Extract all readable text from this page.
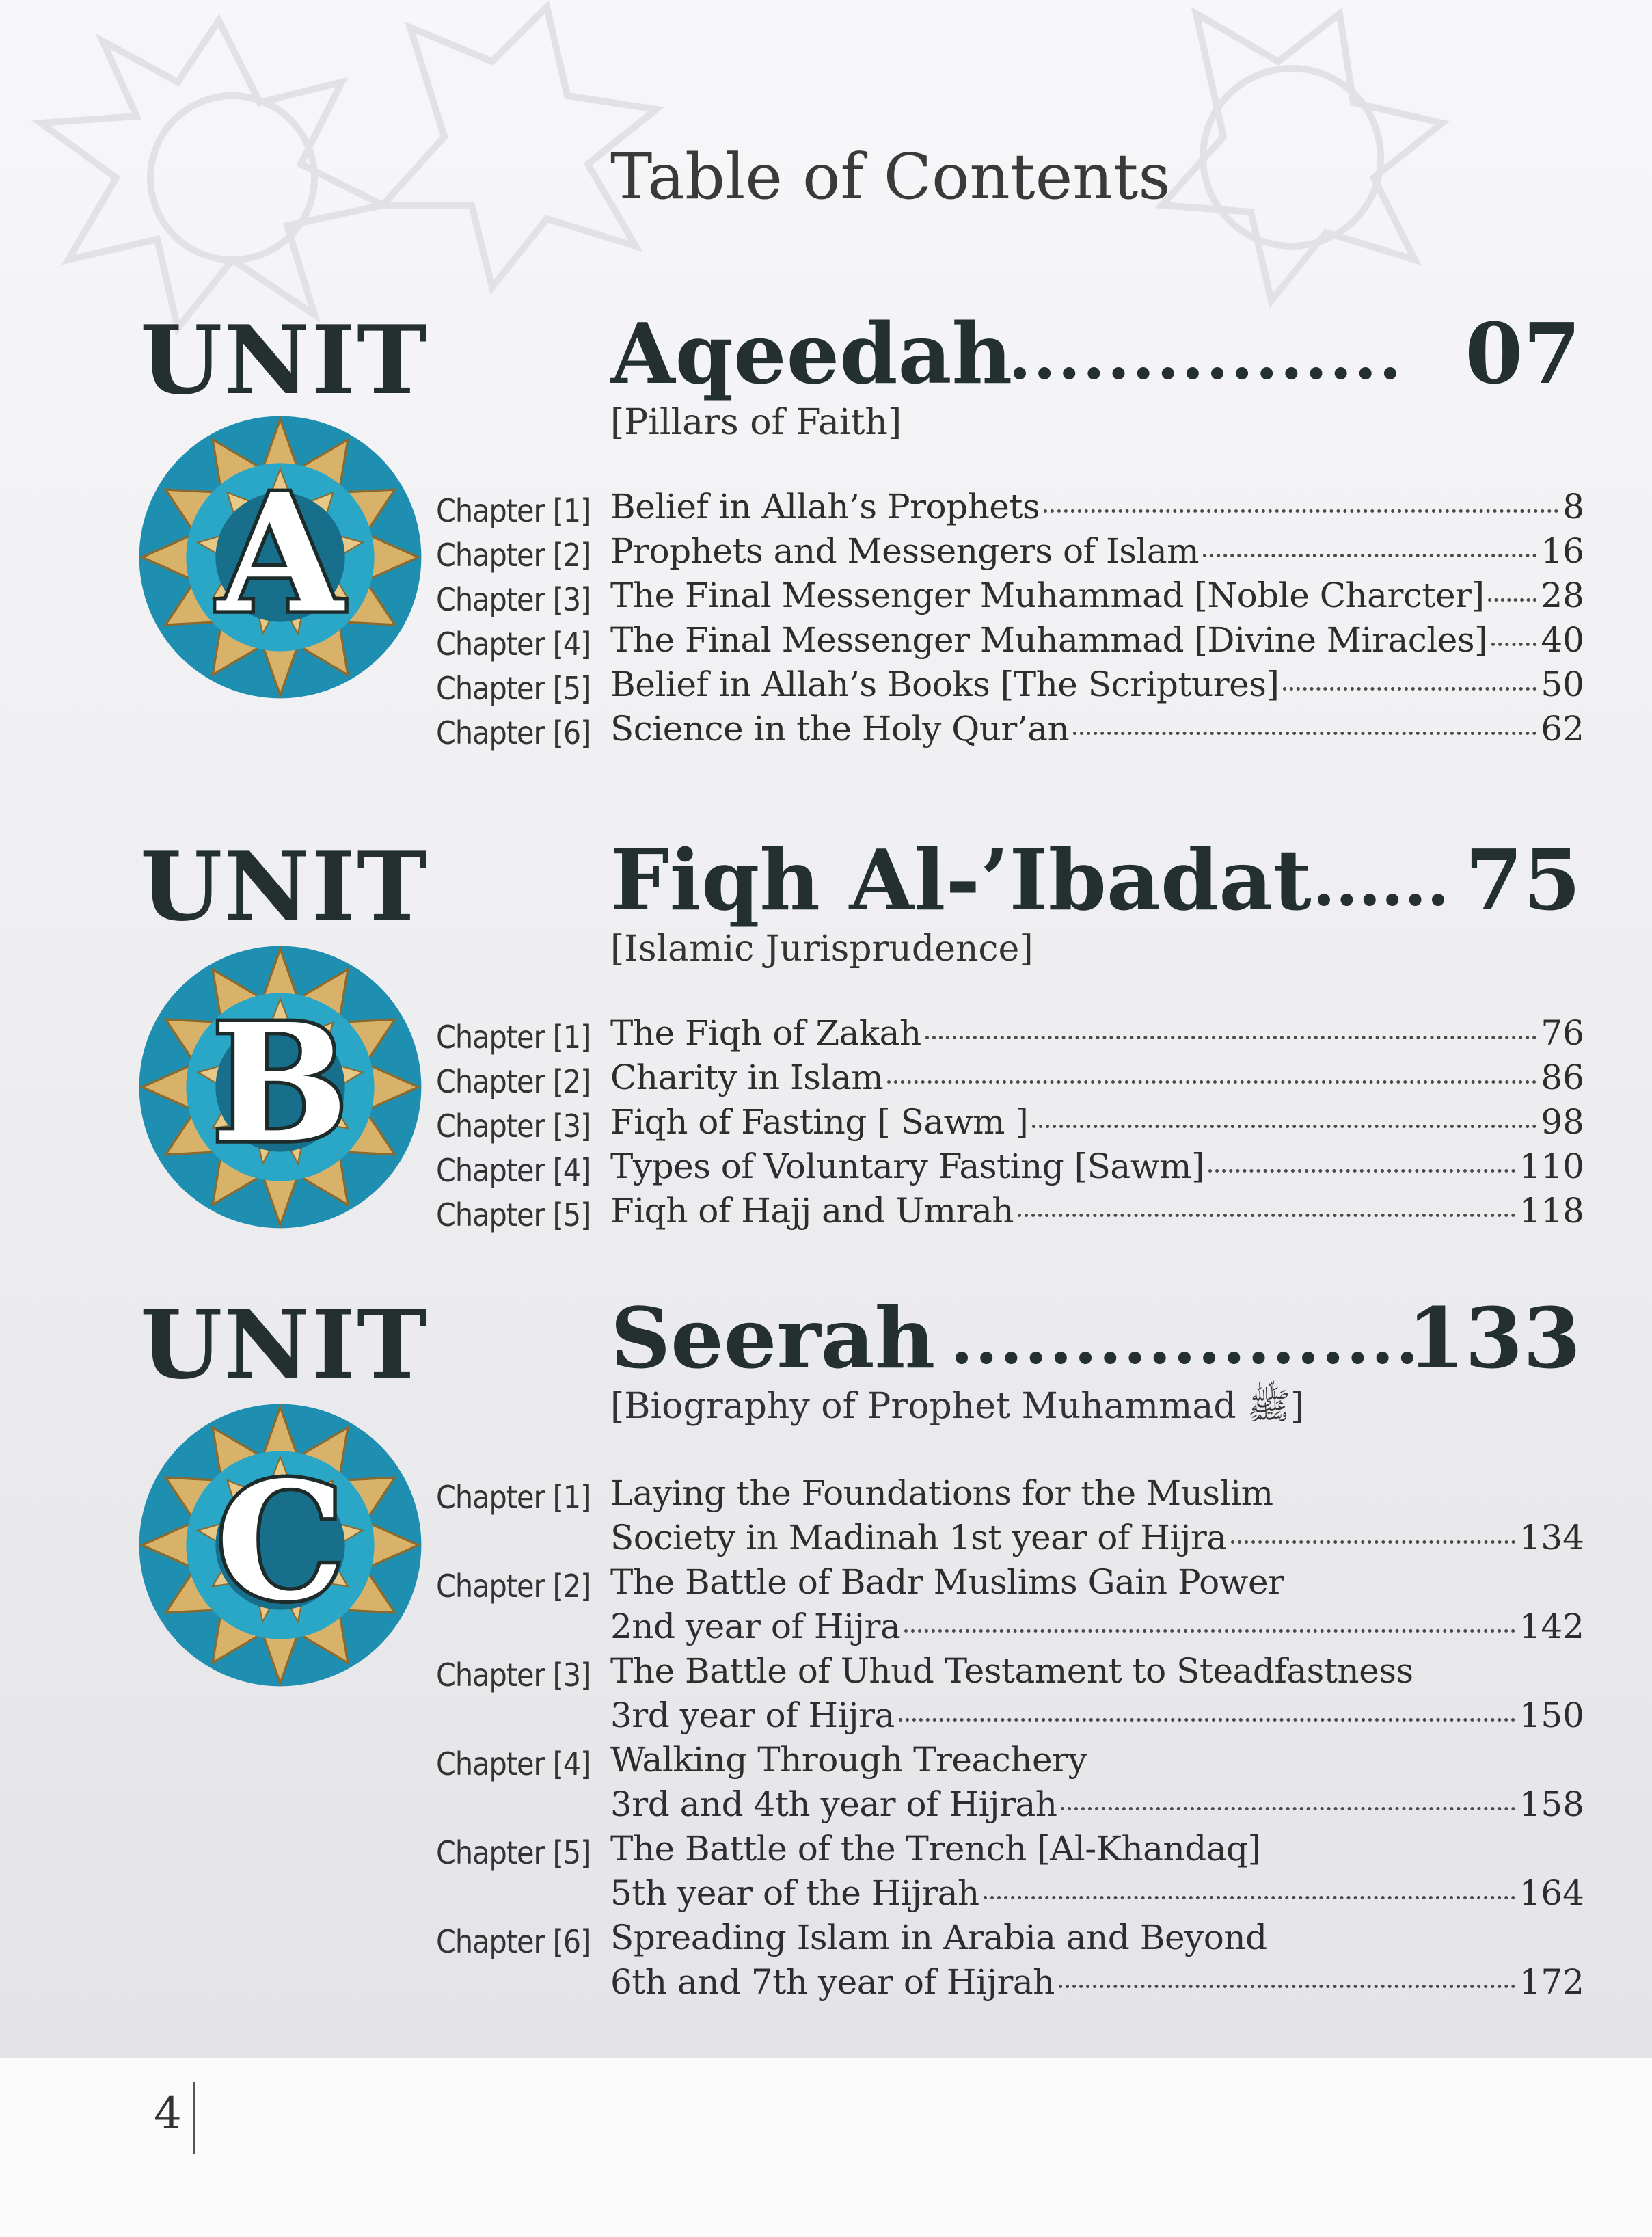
Table of Contents
UNIT
A
Aqeedah	07
[Pillars of Faith]
Chapter [1] Belief in Allah’s Prophets	8
Chapter [2] Prophets and Messengers of Islam	16
Chapter [3] The Final Messenger Muhammad [Noble Charcter] 28
Chapter [4] The Final Messenger Muhammad [Divine Miracles] 40
Chapter [5] Belief in Allah’s Books [The Scriptures]	50
Chapter [6] Science in the Holy Qur’an	62
UNIT
B
Fiqh Al-’Ibadat 75
[Islamic Jurisprudence]
Chapter [1] The Fiqh of Zakah	76
Chapter [2] Charity in Islam	86
Chapter [3] Fiqh of Fasting [ Sawm ]	98
Chapter [4] Types of Voluntary Fasting [Sawm]	110
Chapter [5] Fiqh of Hajj and Umrah	118
UNIT
C
Seerah	133
[Biography of Prophet Muhammad ﷺ]
Chapter [1] Laying the Foundations for the Muslim
Society in Madinah 1st year of Hijra	134
Chapter [2] The Battle of Badr Muslims Gain Power
2nd year of Hijra	142
Chapter [3] The Battle of Uhud Testament to Steadfastness
3rd year of Hijra	150
Chapter [4] Walking Through Treachery
3rd and 4th year of Hijrah	158
Chapter [5] The Battle of the Trench [Al-Khandaq]
5th year of the Hijrah	164
Chapter [6] Spreading Islam in Arabia and Beyond
6th and 7th year of Hijrah	172
4
